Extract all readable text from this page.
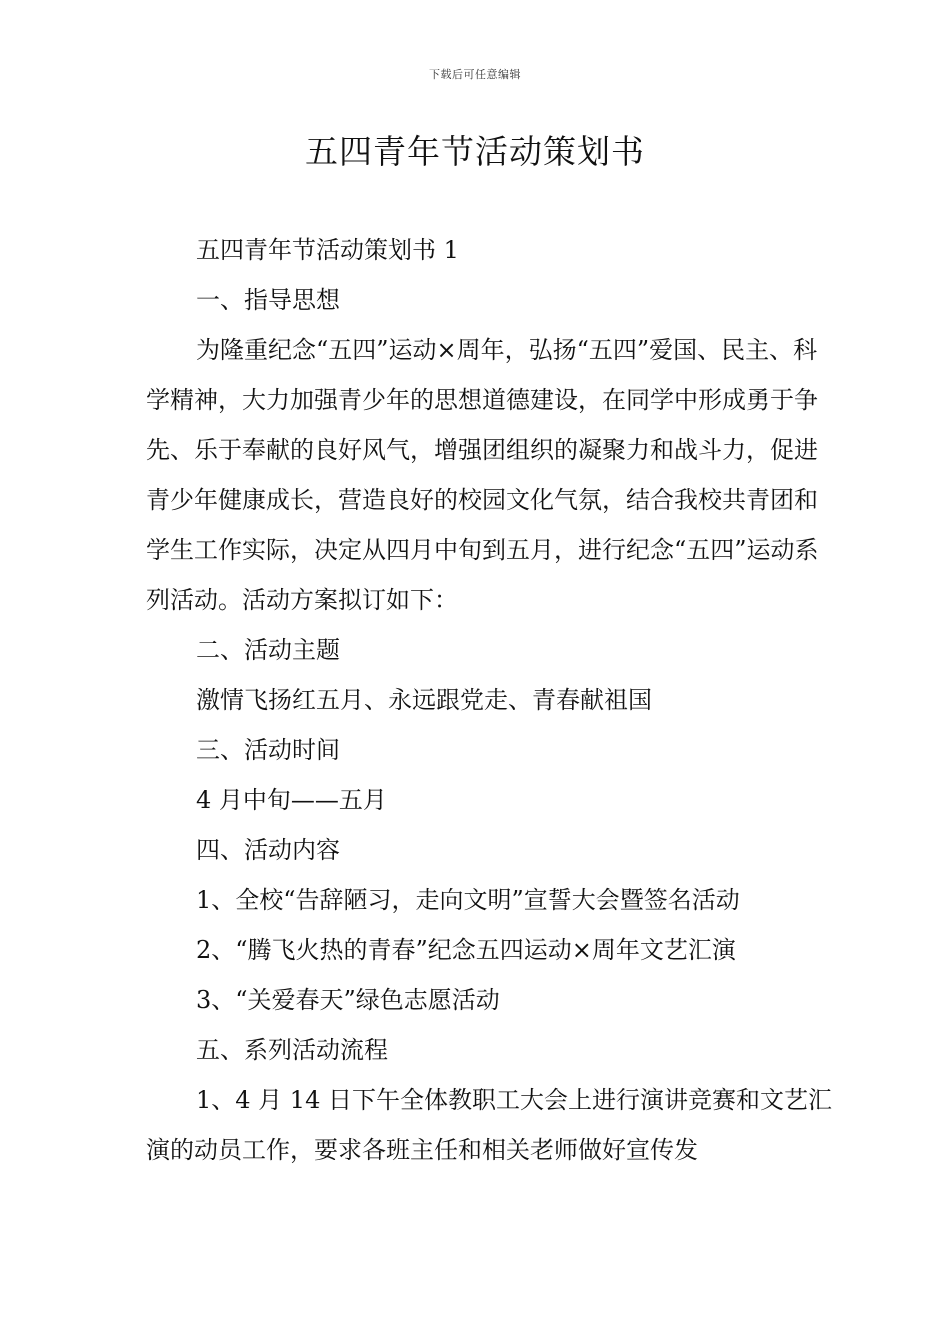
下载后可任意编辑
五四青年节活动策划书

五四青年节活动策划书 1

一、指导思想

为隆重纪念“五四”运动×周年，弘扬“五四”爱国、民主、科学精神，大力加强青少年的思想道德建设，在同学中形成勇于争先、乐于奉献的良好风气，增强团组织的凝聚力和战斗力，促进青少年健康成长，营造良好的校园文化气氛，结合我校共青团和学生工作实际，决定从四月中旬到五月，进行纪念“五四”运动系列活动。活动方案拟订如下：

二、活动主题

激情飞扬红五月、永远跟党走、青春献祖国

三、活动时间

4 月中旬——五月

四、活动内容

1、全校“告辞陋习，走向文明”宣誓大会暨签名活动

2、“腾飞火热的青春”纪念五四运动×周年文艺汇演

3、“关爱春天”绿色志愿活动

五、系列活动流程

1、4 月 14 日下午全体教职工大会上进行演讲竞赛和文艺汇演的动员工作，要求各班主任和相关老师做好宣传发
